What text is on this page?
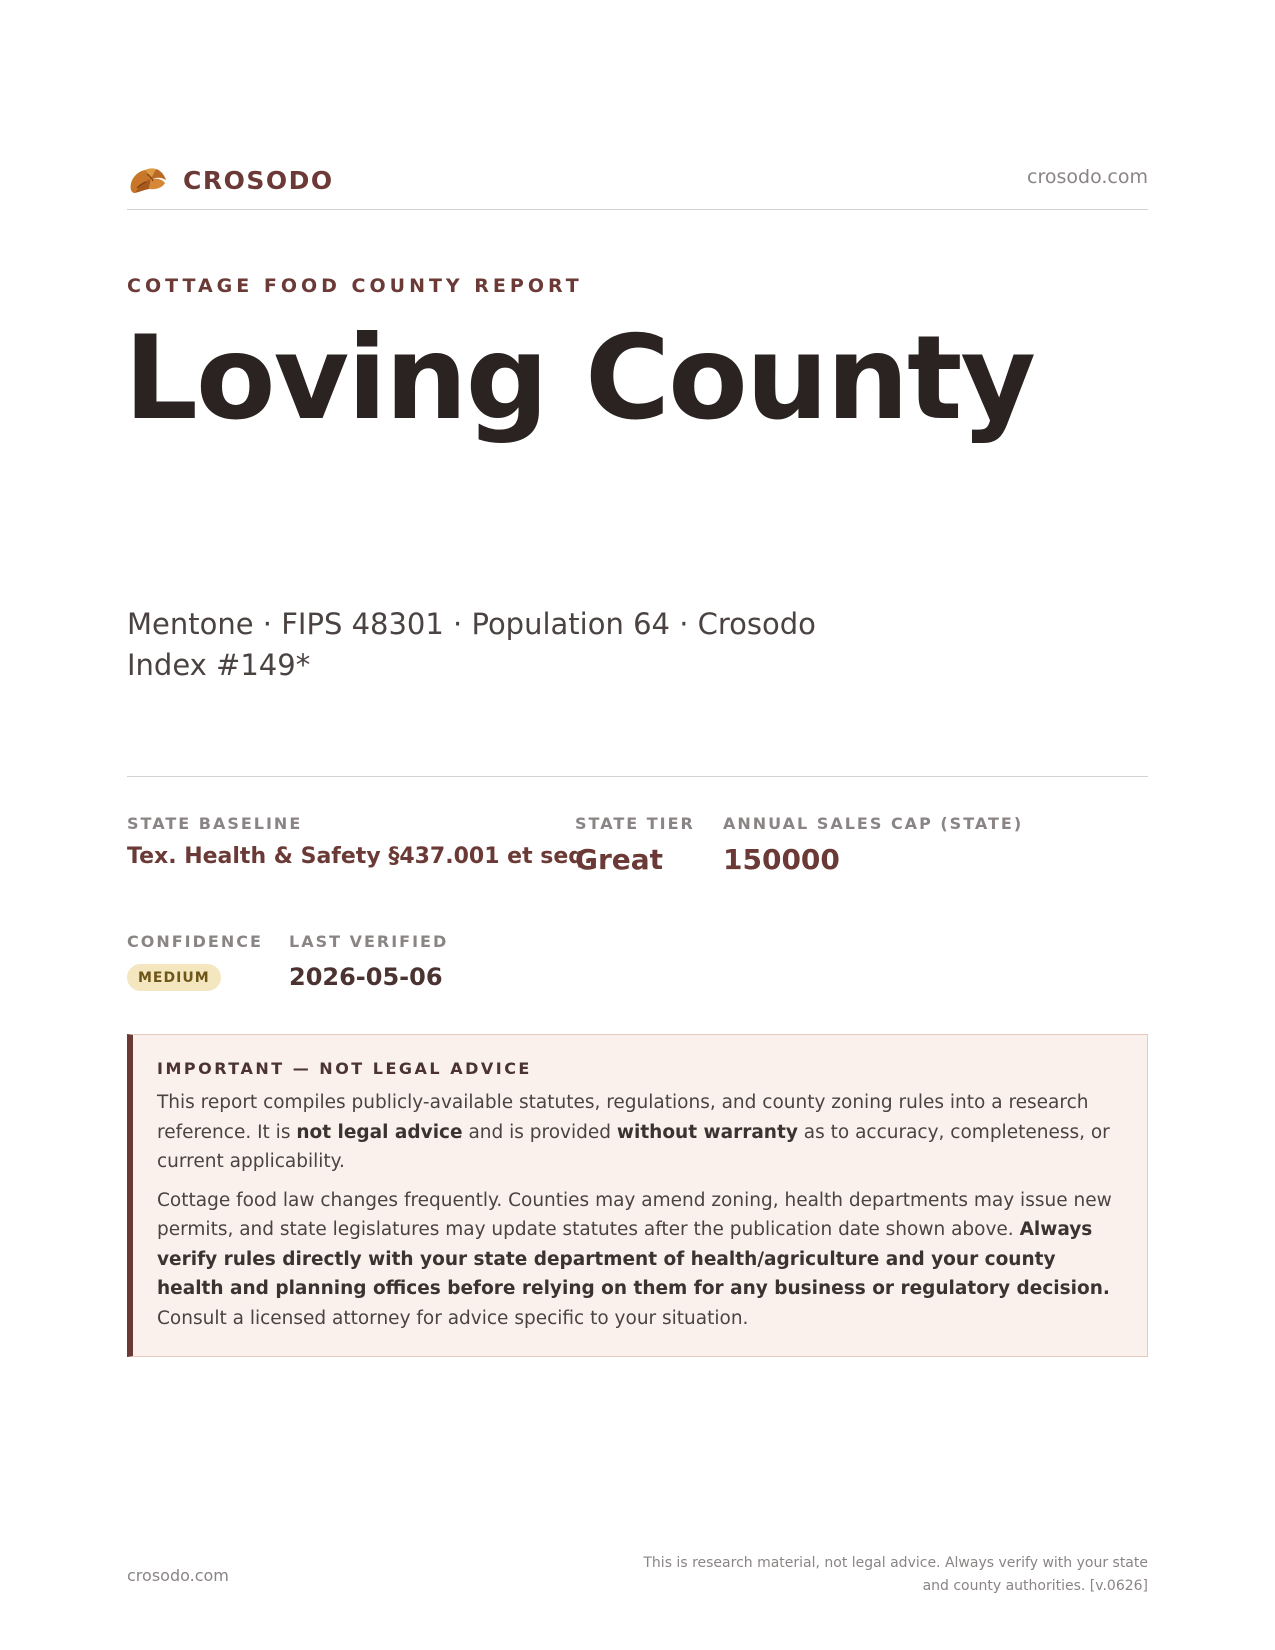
CROSODO	crosodo.com
COTTAGE FOOD COUNTY REPORT
Loving County
Mentone · FIPS 48301 · Population 64 · Crosodo Index #149*
STATE BASELINE
Tex. Health & Safety §437.001 et seq.
STATE TIER
Great
ANNUAL SALES CAP (STATE)
150000
CONFIDENCE
MEDIUM
LAST VERIFIED
2026-05-06
IMPORTANT — NOT LEGAL ADVICE

This report compiles publicly-available statutes, regulations, and county zoning rules into a research reference. It is not legal advice and is provided without warranty as to accuracy, completeness, or current applicability.

Cottage food law changes frequently. Counties may amend zoning, health departments may issue new permits, and state legislatures may update statutes after the publication date shown above. Always verify rules directly with your state department of health/agriculture and your county health and planning offices before relying on them for any business or regulatory decision. Consult a licensed attorney for advice specific to your situation.

crosodo.com
This is research material, not legal advice. Always verify with your state and county authorities. [v.0626]
